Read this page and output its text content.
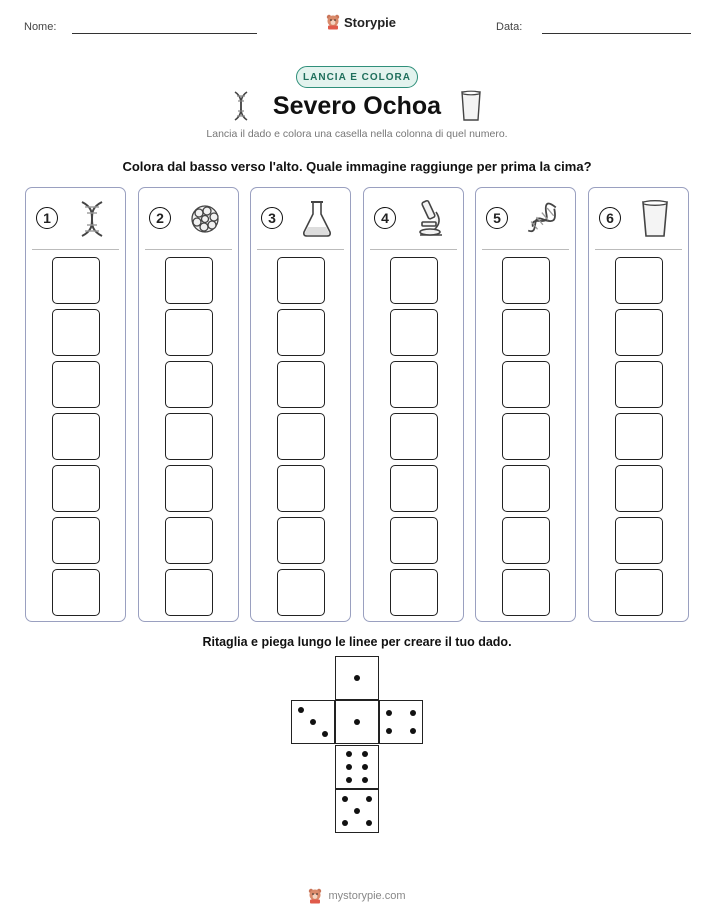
Nome:	Storypie	Data:
LANCIA E COLORA
Severo Ochoa
Lancia il dado e colora una casella nella colonna di quel numero.
Colora dal basso verso l'alto. Quale immagine raggiunge per prima la cima?
1	2	3	4	5	6
Ritaglia e piega lungo le linee per creare il tuo dado.
mystorypie.com
